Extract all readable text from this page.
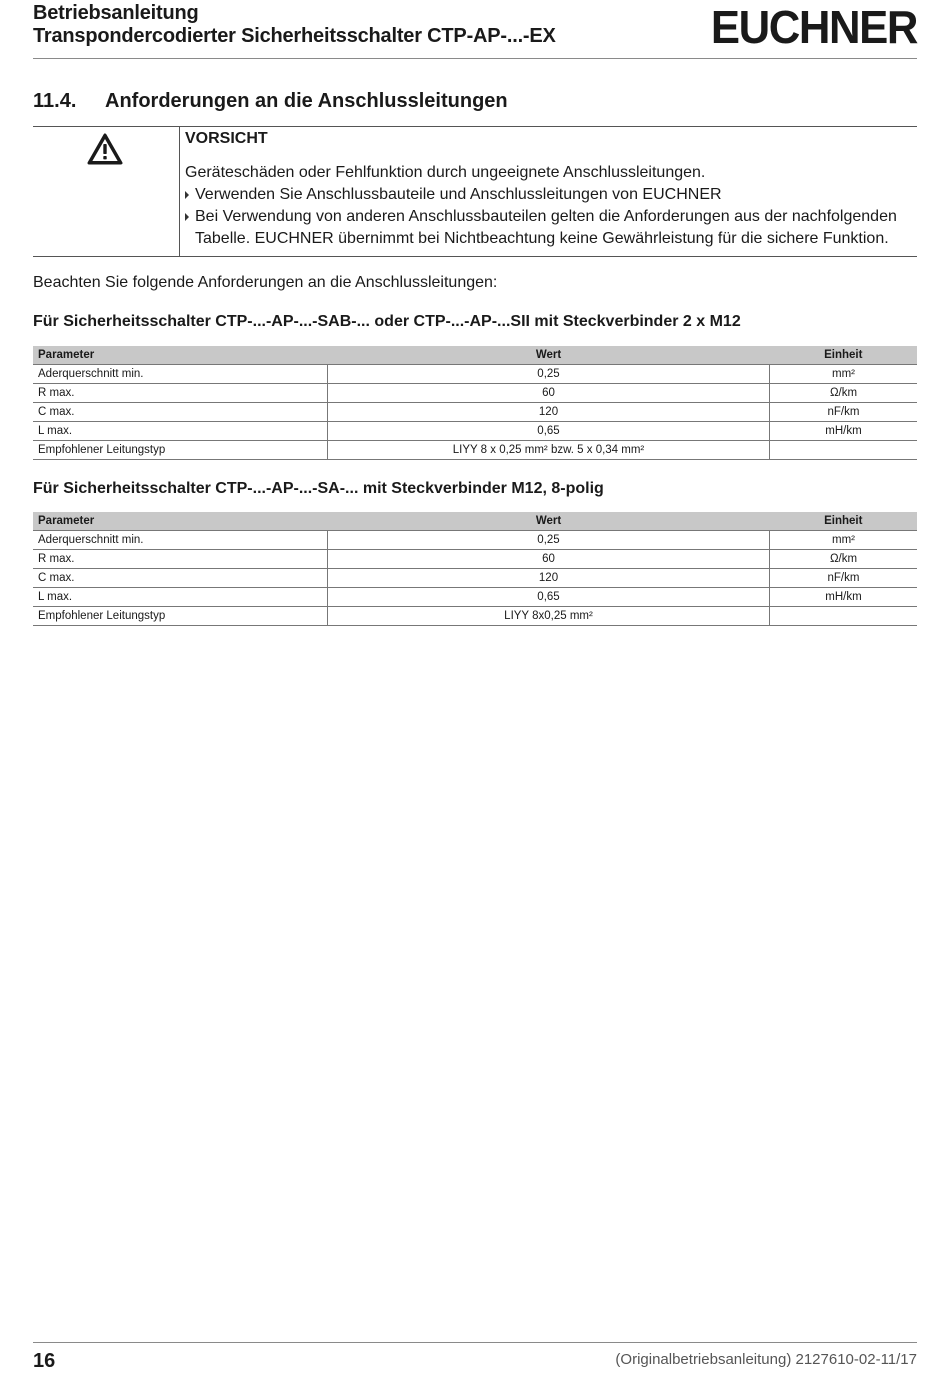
Betriebsanleitung
Transpondercodierter Sicherheitsschalter CTP-AP-...-EX	EUCHNER
11.4. Anforderungen an die Anschlussleitungen
VORSICHT
Geräteschäden oder Fehlfunktion durch ungeeignete Anschlussleitungen.
Verwenden Sie Anschlussbauteile und Anschlussleitungen von EUCHNER
Bei Verwendung von anderen Anschlussbauteilen gelten die Anforderungen aus der nachfolgenden Tabelle. EUCHNER übernimmt bei Nichtbeachtung keine Gewährleistung für die sichere Funktion.
Beachten Sie folgende Anforderungen an die Anschlussleitungen:
Für Sicherheitsschalter CTP-...-AP-...-SAB-... oder CTP-...-AP-...SII mit Steckverbinder 2 x M12
Parameter	Wert	Einheit
Aderquerschnitt min.	0,25	mm²
R max.	60	Ω/km
C max.	120	nF/km
L max.	0,65	mH/km
Empfohlener Leitungstyp	LIYY 8 x 0,25 mm² bzw. 5 x 0,34 mm²	
Für Sicherheitsschalter CTP-...-AP-...-SA-... mit Steckverbinder M12, 8-polig
Parameter	Wert	Einheit
Aderquerschnitt min.	0,25	mm²
R max.	60	Ω/km
C max.	120	nF/km
L max.	0,65	mH/km
Empfohlener Leitungstyp	LIYY 8x0,25 mm²	
16	(Originalbetriebsanleitung) 2127610-02-11/17
